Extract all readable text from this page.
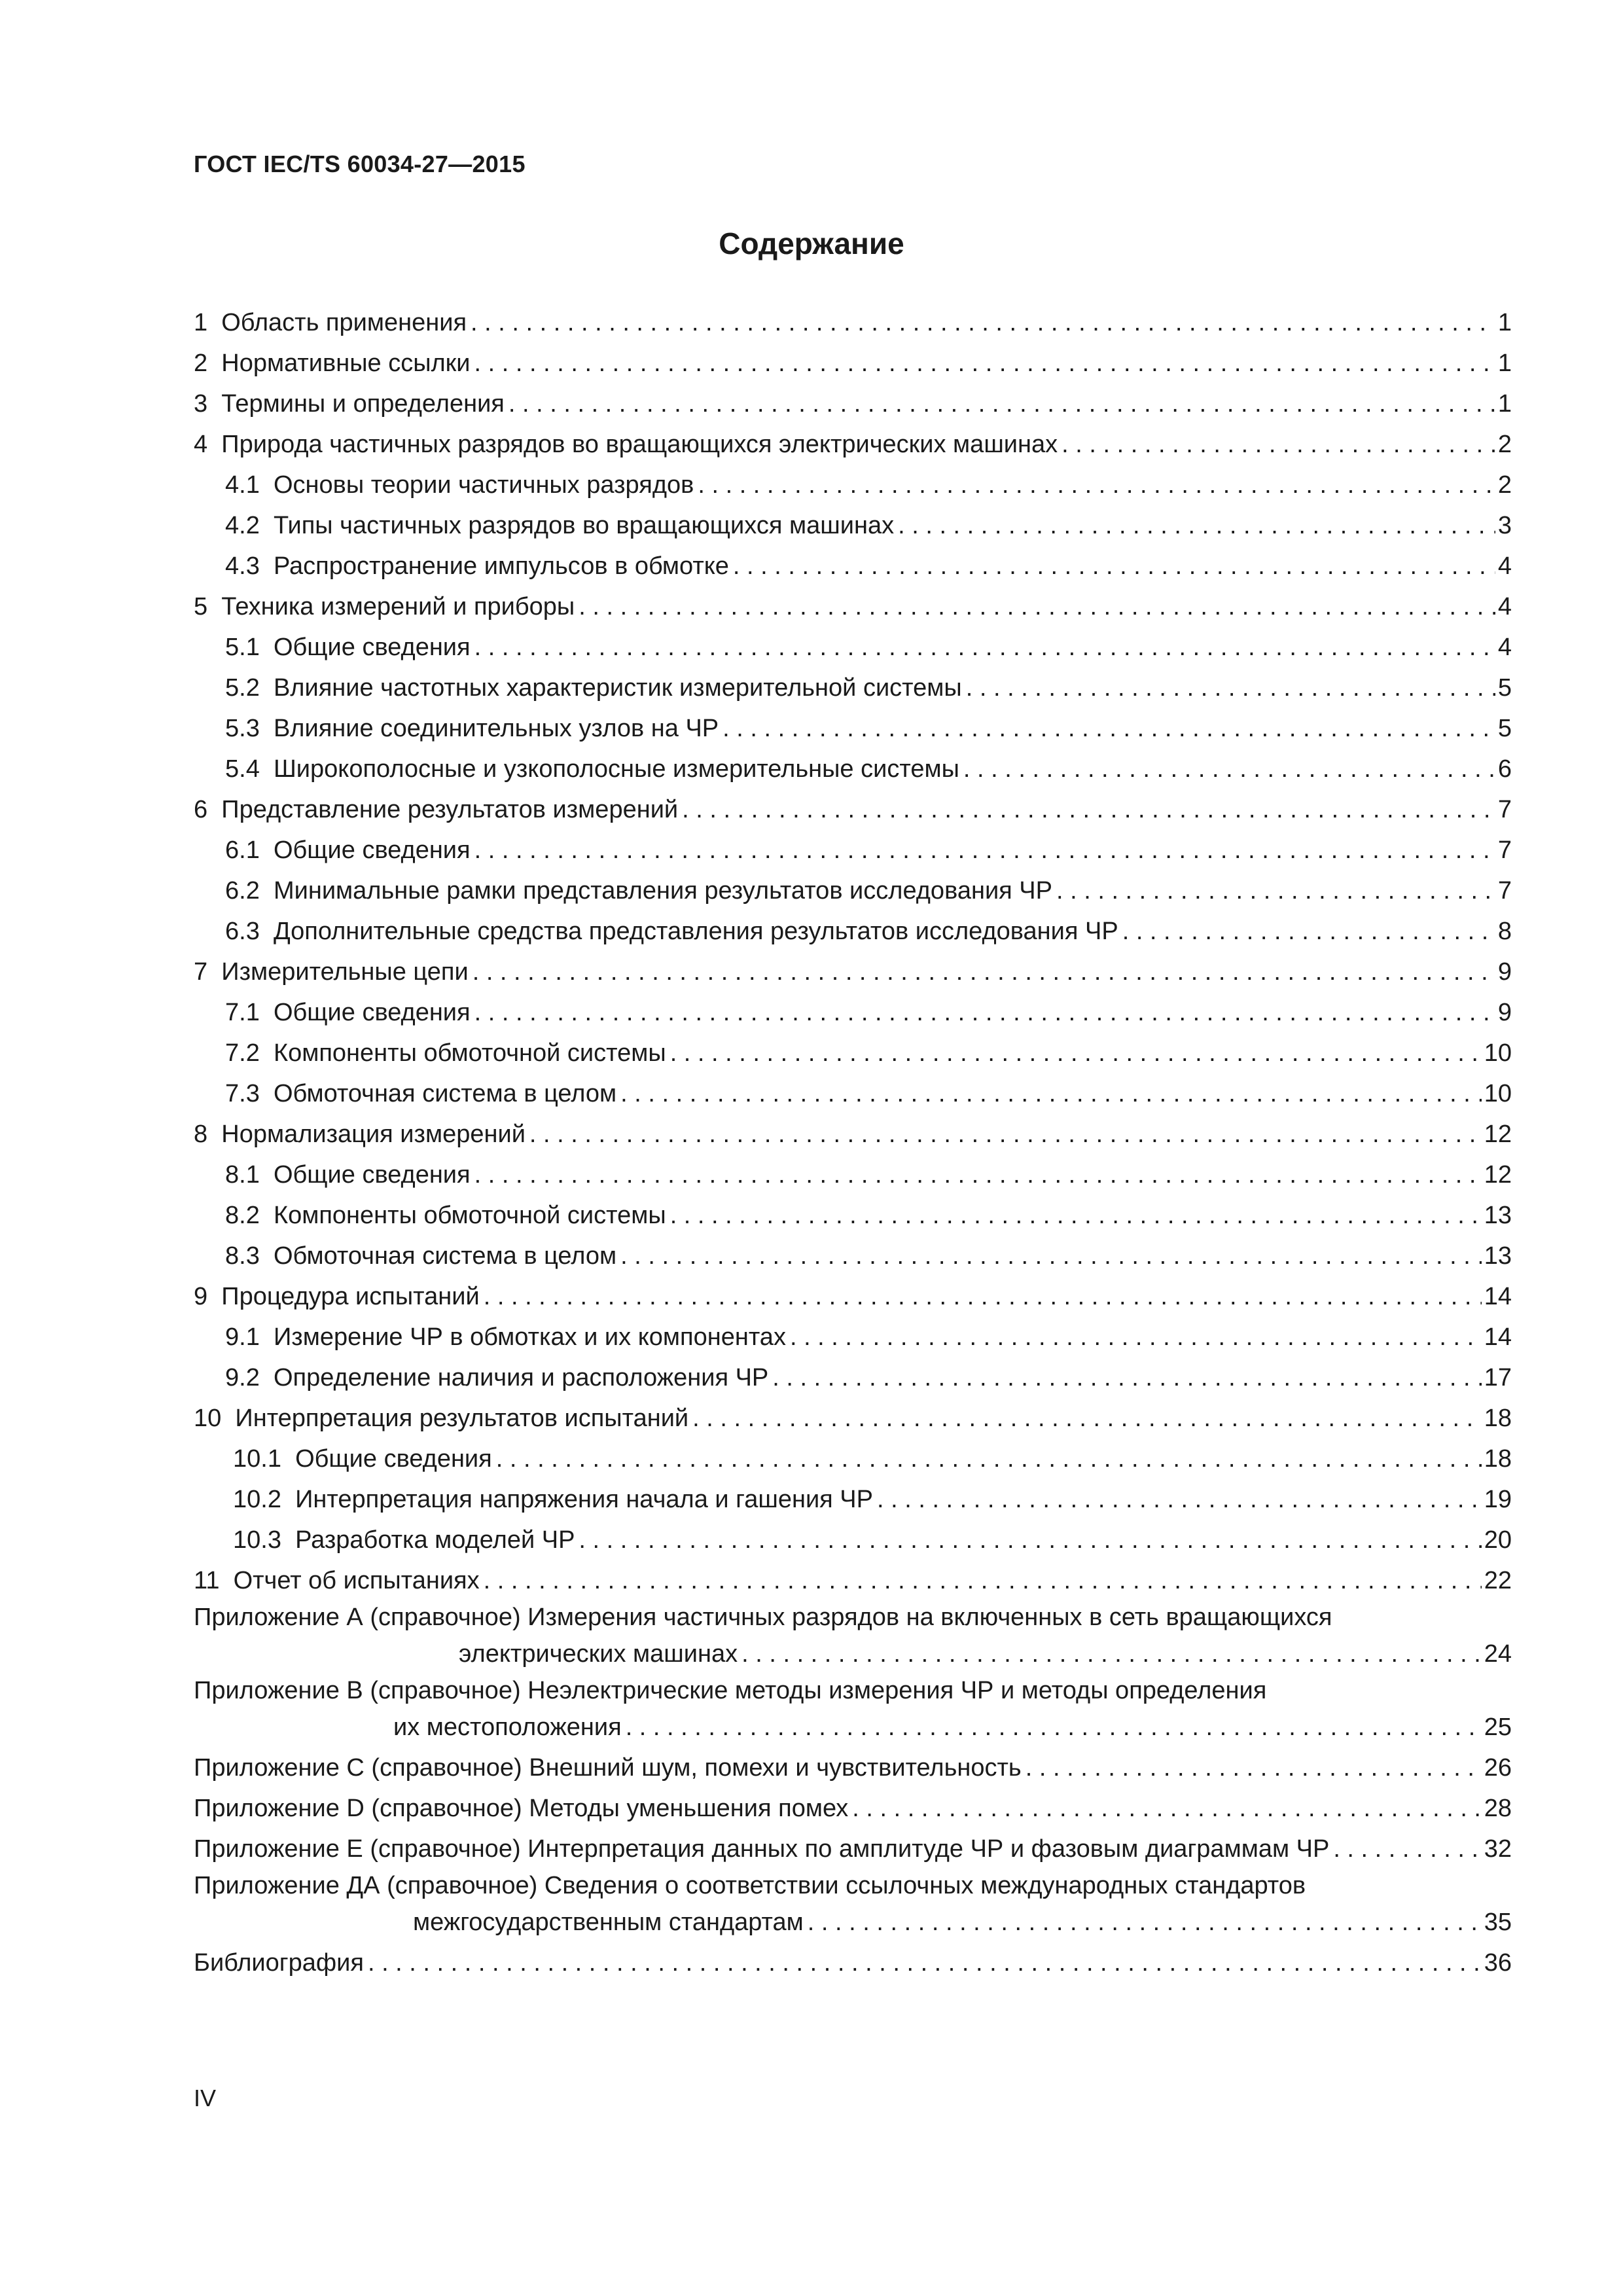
ГОСТ IEC/TS 60034-27—2015
Содержание
1 Область применения . . .	1
2 Нормативные ссылки . . .	1
3 Термины и определения . . .	1
4 Природа частичных разрядов во вращающихся электрических машинах . . .	2
4.1 Основы теории частичных разрядов . . .	2
4.2 Типы частичных разрядов во вращающихся машинах . . .	3
4.3 Распространение импульсов в обмотке . . .	4
5 Техника измерений и приборы . . .	4
5.1 Общие сведения . . .	4
5.2 Влияние частотных характеристик измерительной системы . . .	5
5.3 Влияние соединительных узлов на ЧР . . .	5
5.4 Широкополосные и узкополосные измерительные системы . . .	6
6 Представление результатов измерений . . .	7
6.1 Общие сведения . . .	7
6.2 Минимальные рамки представления результатов исследования ЧР . . .	7
6.3 Дополнительные средства представления результатов исследования ЧР . . .	8
7 Измерительные цепи . . .	9
7.1 Общие сведения . . .	9
7.2 Компоненты обмоточной системы . . .	10
7.3 Обмоточная система в целом . . .	10
8 Нормализация измерений . . .	12
8.1 Общие сведения . . .	12
8.2 Компоненты обмоточной системы . . .	13
8.3 Обмоточная система в целом . . .	13
9 Процедура испытаний . . .	14
9.1 Измерение ЧР в обмотках и их компонентах . . .	14
9.2 Определение наличия и расположения ЧР . . .	17
10 Интерпретация результатов испытаний . . .	18
10.1 Общие сведения . . .	18
10.2 Интерпретация напряжения начала и гашения ЧР . . .	19
10.3 Разработка моделей ЧР . . .	20
11 Отчет об испытаниях . . .	22
Приложение А (справочное) Измерения частичных разрядов на включенных в сеть вращающихся
электрических машинах . . .	24
Приложение В (справочное) Неэлектрические методы измерения ЧР и методы определения
их местоположения . . .	25
Приложение С (справочное) Внешний шум, помехи и чувствительность . . .	26
Приложение D (справочное) Методы уменьшения помех . . .	28
Приложение Е (справочное) Интерпретация данных по амплитуде ЧР и фазовым диаграммам ЧР . . .	32
Приложение ДА (справочное) Сведения о соответствии ссылочных международных стандартов
межгосударственным стандартам . . .	35
Библиография . . .	36
IV
